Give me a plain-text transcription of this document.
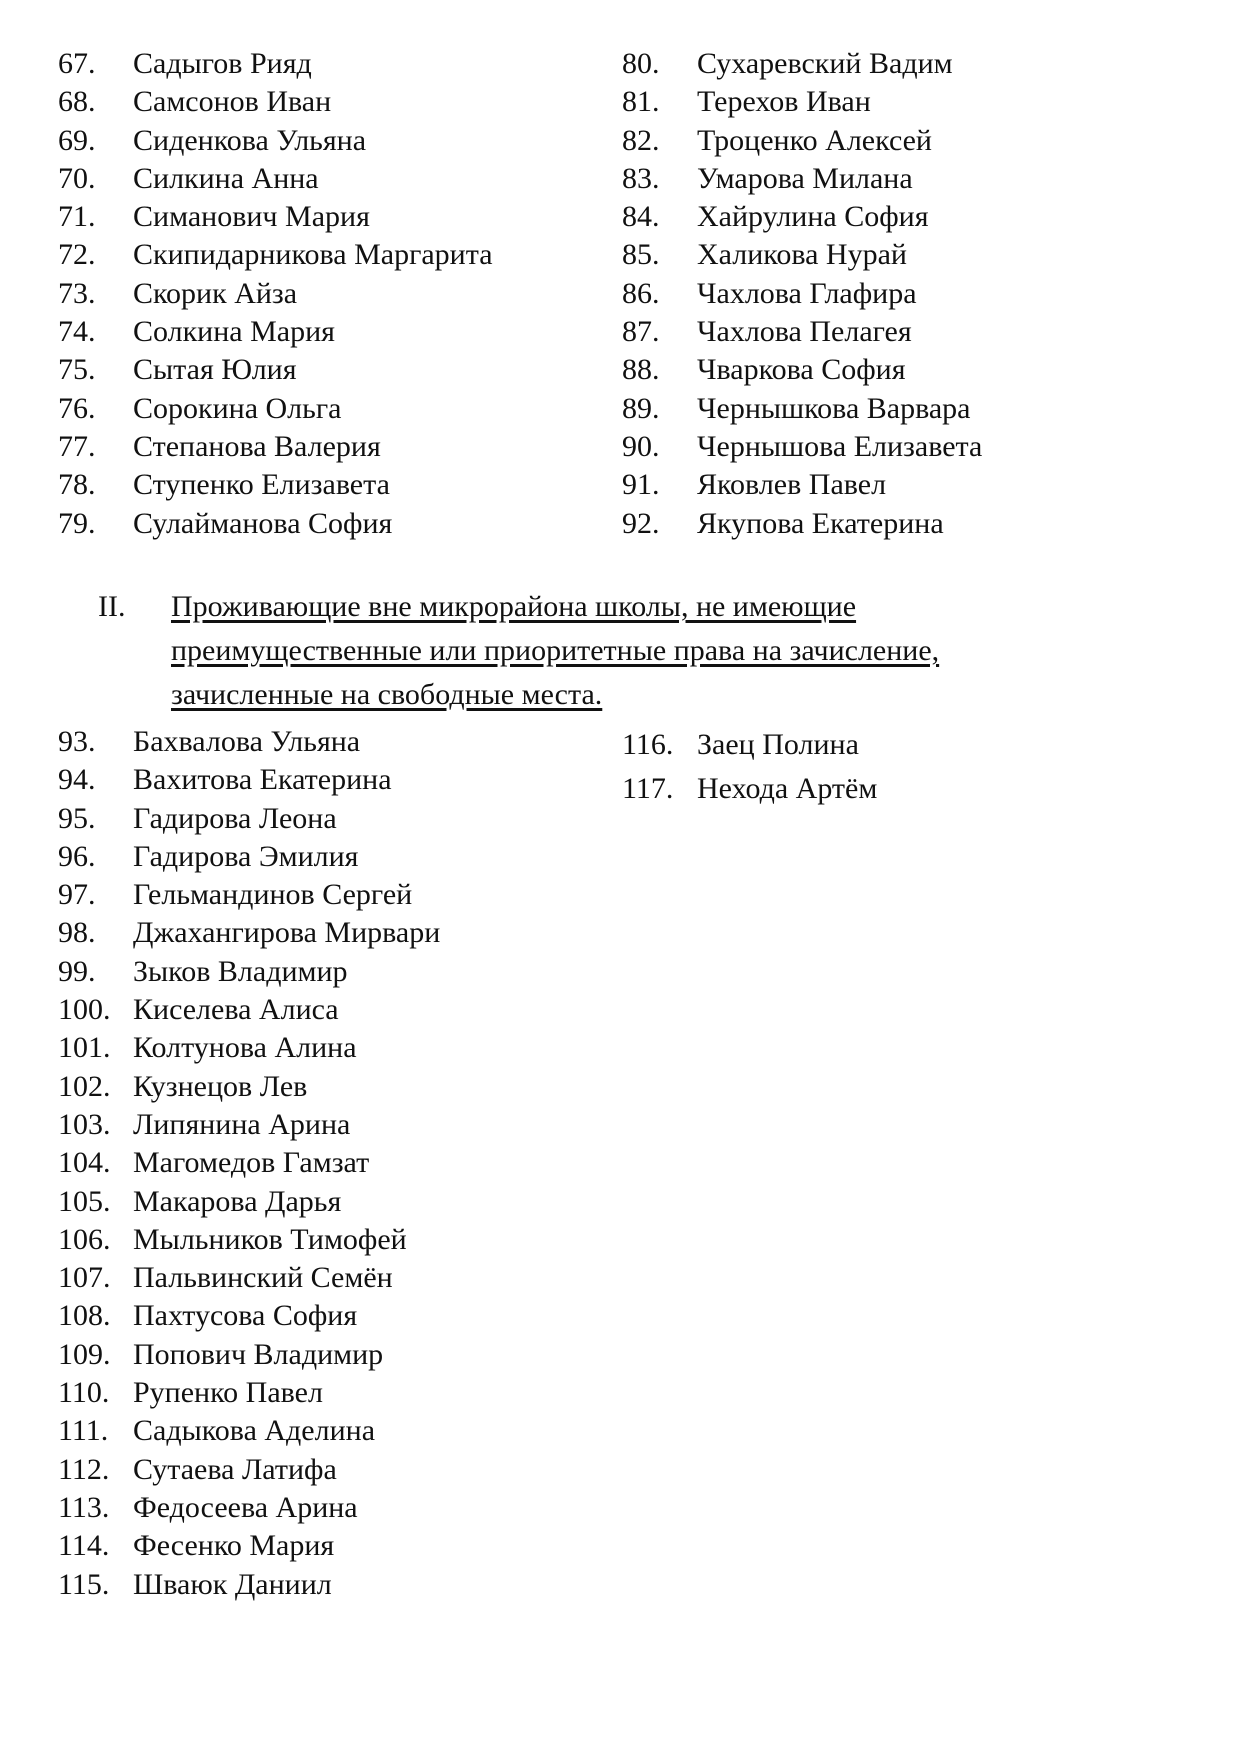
67. Садыгов Рияд
68. Самсонов Иван
69. Сиденкова Ульяна
70. Силкина Анна
71. Симанович Мария
72. Скипидарникова Маргарита
73. Скорик Айза
74. Солкина Мария
75. Сытая Юлия
76. Сорокина Ольга
77. Степанова Валерия
78. Ступенко Елизавета
79. Сулайманова София
80. Сухаревский Вадим
81. Терехов Иван
82. Троценко Алексей
83. Умарова Милана
84. Хайрулина София
85. Халикова Нурай
86. Чахлова Глафира
87. Чахлова Пелагея
88. Чваркова София
89. Чернышкова Варвара
90. Чернышова Елизавета
91. Яковлев Павел
92. Якупова Екатерина
II. Проживающие вне микрорайона школы, не имеющие преимущественные или приоритетные права на зачисление, зачисленные на свободные места.
93. Бахвалова Ульяна
94. Вахитова Екатерина
95. Гадирова Леона
96. Гадирова Эмилия
97. Гельмандинов Сергей
98. Джахангирова Мирвари
99. Зыков Владимир
100. Киселева Алиса
101. Колтунова Алина
102. Кузнецов Лев
103. Липянина Арина
104. Магомедов Гамзат
105. Макарова Дарья
106. Мыльников Тимофей
107. Пальвинский Семён
108. Пахтусова София
109. Попович Владимир
110. Рупенко Павел
111. Садыкова Аделина
112. Сутаева Латифа
113. Федосеева Арина
114. Фесенко Мария
115. Шваюк Даниил
116. Заец Полина
117. Нехода Артём
